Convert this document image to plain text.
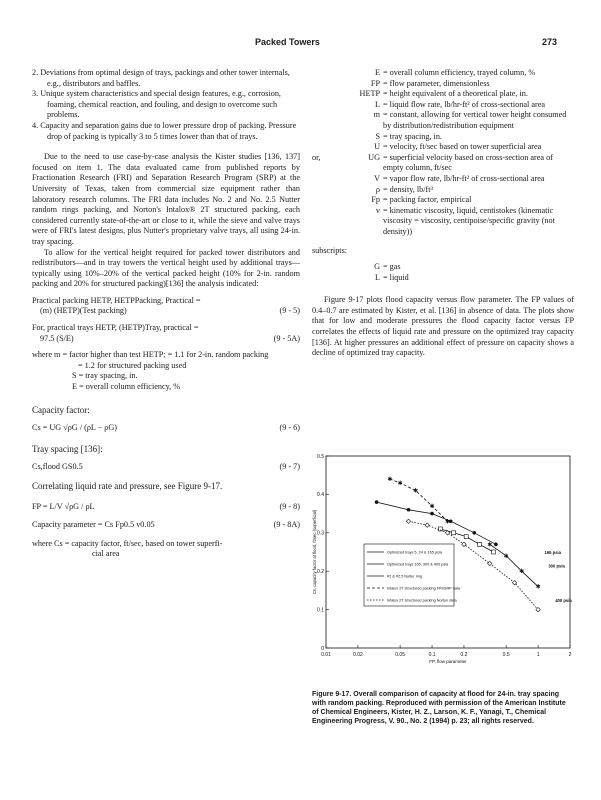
Packed Towers	273

2. Deviations from optimal design of trays, packings and other tower internals, e.g., distributors and baffles.

3. Unique system characteristics and special design features, e.g., corrosion, foaming, chemical reaction, and fouling, and design to overcome such problems.

4. Capacity and separation gains due to lower pressure drop of packing. Pressure drop of packing is typically 3 to 5 times lower than that of trays.

Due to the need to use case-by-case analysis the Kister studies [136, 137] focused on item 1. The data evaluated came from published reports by Fractionation Research (FRI) and Separation Research Program (SRP) at the University of Texas, taken from commercial size equipment rather than laboratory research columns. The FRI data includes No. 2 and No. 2.5 Nutter random rings packing, and Norton's Intalox® 2T structured packing, each considered currently state-of-the-art or close to it, while the sieve and valve trays were of FRI's latest designs, plus Nutter's proprietary valve trays, all using 24-in. tray spacing.

To allow for the vertical height required for packed tower distributors and redistributors—and in tray towers the vertical height used by additional trays—typically using 10%–20% of the vertical packed height (10% for 2-in. random packing and 20% for structured packing)[136] the analysis indicated:

Practical packing HETP, HETPPacking, Practical =

(m) (HETP)(Test packing)	(9 - 5)

For, practical trays HETP, (HETP)Tray, practical =

97.5 (S/E)	(9 - 5A)

where m = factor higher than test HETP; = 1.1 for 2-in. random packing

= 1.2 for structured packing used

S = tray spacing, in.

E = overall column efficiency, %

Capacity factor:

Cs = UG √ρG / (ρL − ρG)	(9 - 6)

Tray spacing [136]:

Cs,flood GS0.5	(9 - 7)

Correlating liquid rate and pressure, see Figure 9-17.

FP = L/V √ρG / ρL	(9 - 8)

Capacity parameter = Cs Fp0.5 v0.05	(9 - 8A)

where Cs = capacity factor, ft/sec, based on tower superfi-

cial area

E = overall column efficiency, trayed column, %
FP = flow parameter, dimensionless
HETP = height equivalent of a theoretical plate, in.
L = liquid flow rate, lb/hr-ft² of cross-sectional area
m = constant, allowing for vertical tower height consumed by distribution/redistribution equipment
S = tray spacing, in.
U = velocity, ft/sec based on tower superficial area
or,	UG = superficial velocity based on cross-section area of empty column, ft/sec
V = vapor flow rate, lb/hr-ft² of cross-sectional area
ρ = density, lb/ft³
Fp = packing factor, empirical
v = kinematic viscosity, liquid, centistokes (kinematic viscosity = viscosity, centipoise/specific gravity (not density))

subscripts:

G = gas
L = liquid

Figure 9-17 plots flood capacity versus flow parameter. The FP values of 0.4–0.7 are estimated by Kister, et al. [136] in absence of data. The plots show that for low and moderate pressures the flood capacity factor versus FP correlates the effects of liquid rate and pressure on the optimized tray capacity [136]. At higher pressures an additional effect of pressure on capacity shows a decline of optimized tray capacity.

0.01	0.02	0.05	0.1	0.2	0.5	1	2
0
0.1
0.2
0.3
0.4
0.5
FP, flow parameter
Cs, capacity factor at flood, ft/sec (superficial)	✱
✱
✱
✱
✱
✱
✱
✱
✱
Optimized trays 5, 24 & 165 psia
Optimized trays 165, 300 & 400 psia
#2 & #2.5 Nutter ring
Intalox 2T structured packing FRI/SRP data
Intalox 2T structured packing Norton data
165 psia
300 psia
400 psia
Figure 9-17. Overall comparison of capacity at flood for 24-in. tray spacing with random packing. Reproduced with permission of the American Institute of Chemical Engineers, Kister, H. Z., Larson, K. F., Yanagi, T., Chemical Engineering Progress, V. 90., No. 2 (1994) p. 23; all rights reserved.
